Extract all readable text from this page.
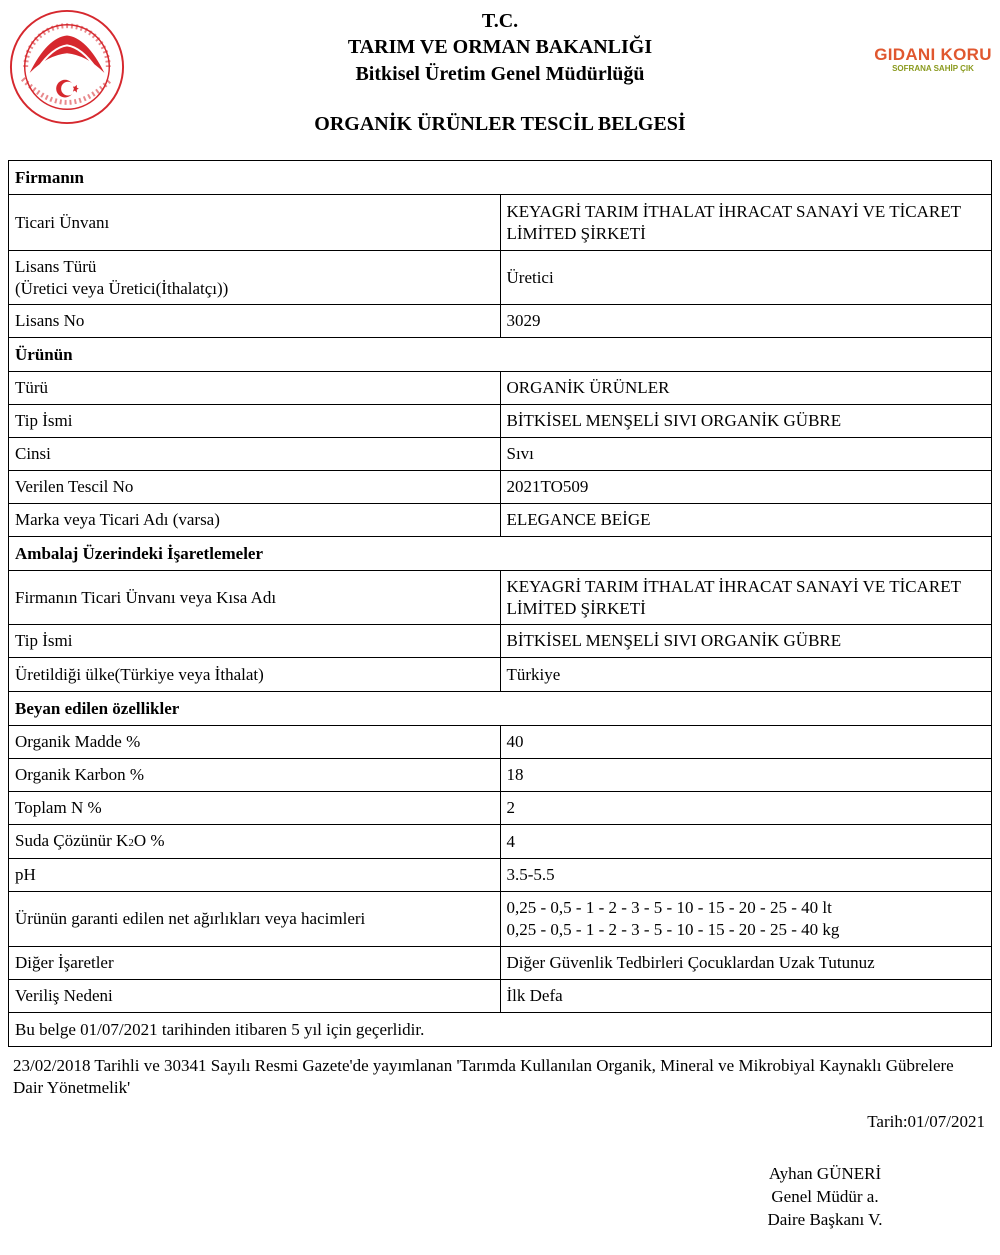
GIDANI KORU
SOFRANA SAHİP ÇIK
T.C.
TARIM VE ORMAN BAKANLIĞI
Bitkisel Üretim Genel Müdürlüğü
ORGANİK ÜRÜNLER TESCİL BELGESİ
Firmanın	
Ticari Ünvanı	KEYAGRİ TARIM İTHALAT İHRACAT SANAYİ VE TİCARET LİMİTED ŞİRKETİ

Lisans Türü
(Üretici veya Üretici(İthalatçı))	Üretici
Lisans No	3029
Ürünün	
Türü	ORGANİK ÜRÜNLER
Tip İsmi	BİTKİSEL MENŞELİ SIVI ORGANİK GÜBRE
Cinsi	Sıvı
Verilen Tescil No	2021TO509
Marka veya Ticari Adı (varsa)	ELEGANCE BEİGE
Ambalaj Üzerindeki İşaretlemeler	
Firmanın Ticari Ünvanı veya Kısa Adı	KEYAGRİ TARIM İTHALAT İHRACAT SANAYİ VE TİCARET LİMİTED ŞİRKETİ
Tip İsmi	BİTKİSEL MENŞELİ SIVI ORGANİK GÜBRE
Üretildiği ülke(Türkiye veya İthalat)	Türkiye
Beyan edilen özellikler	
Organik Madde %	40
Organik Karbon %	18
Toplam N %	2
Suda Çözünür K2O %	4
pH	3.5-5.5
Ürünün garanti edilen net ağırlıkları veya hacimleri	0,25 - 0,5 - 1 - 2 - 3 - 5 - 10 - 15 - 20 - 25 - 40 lt
0,25 - 0,5 - 1 - 2 - 3 - 5 - 10 - 15 - 20 - 25 - 40 kg

Diğer İşaretler	Diğer Güvenlik Tedbirleri Çocuklardan Uzak Tutunuz
Veriliş Nedeni	İlk Defa
Bu belge 01/07/2021 tarihinden itibaren 5 yıl için geçerlidir.	
23/02/2018 Tarihli ve 30341 Sayılı Resmi Gazete'de yayımlanan 'Tarımda Kullanılan Organik, Mineral ve Mikrobiyal Kaynaklı Gübrelere Dair Yönetmelik'
Tarih:01/07/2021
Ayhan GÜNERİ
Genel Müdür a.
Daire Başkanı V.
